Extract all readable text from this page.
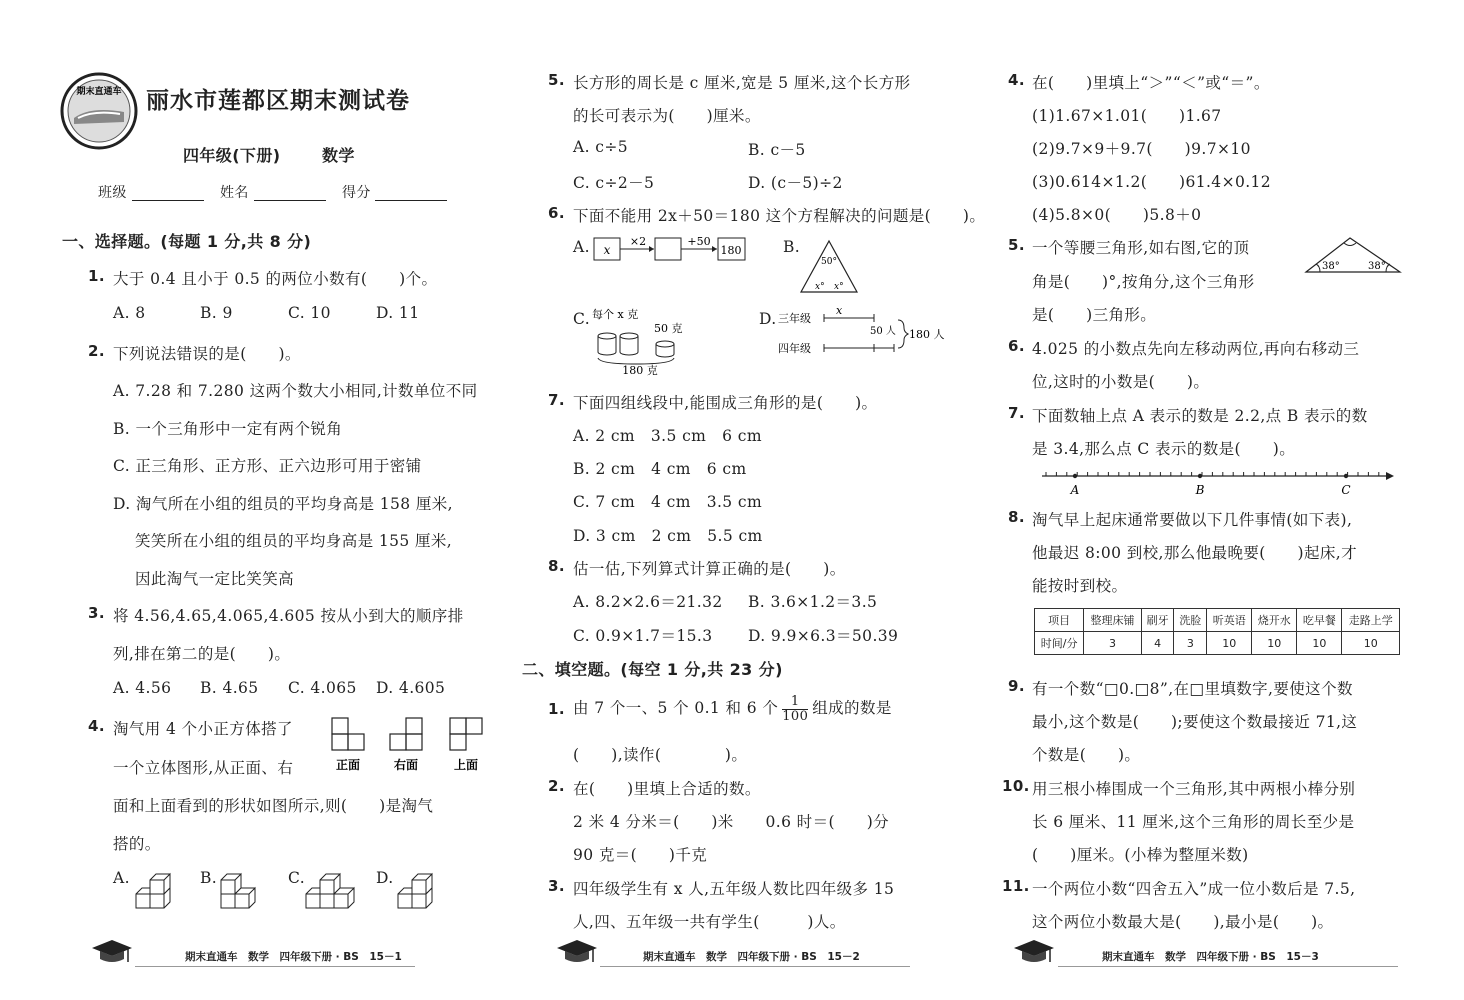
期末直通车 丽水市莲都区期末测试卷
四年级(下册)	数学
班级	姓名	得分
一、选择题。(每题 1 分,共 8 分)
1. 大于 0.4 且小于 0.5 的两位小数有(　　)个。
A. 8	B. 9	C. 10	D. 11
2. 下列说法错误的是(　　)。
A. 7.28 和 7.280 这两个数大小相同,计数单位不同
B. 一个三角形中一定有两个锐角
C. 正三角形、正方形、正六边形可用于密铺
D. 淘气所在小组的组员的平均身高是 158 厘米,
笑笑所在小组的组员的平均身高是 155 厘米,
因此淘气一定比笑笑高
3. 将 4.56,4.65,4.065,4.605 按从小到大的顺序排
列,排在第二的是(　　)。
A. 4.56 B. 4.65 C. 4.065 D. 4.605
4. 淘气用 4 个小正方体搭了
一个立体图形,从正面、右
面和上面看到的形状如图所示,则(　　)是淘气
搭的。
正面	右面	上面
A.	B.	C.	D.
期末直通车　数学　四年级下册 · BS　15－1
5. 长方形的周长是 c 厘米,宽是 5 厘米,这个长方形
的长可表示为(　　)厘米。
A. c÷5	B. c－5
C. c÷2－5	D. (c－5)÷2
6. 下面不能用 2x＋50＝180 这个方程解决的问题是(　　)。
A.	B.
C.	D.
x
×2	+50
180
50°
x° x°
每个 x 克
50 克
180 克
三年级
四年级
x
50 人 180 人
7. 下面四组线段中,能围成三角形的是(　　)。
A. 2 cm　3.5 cm　6 cm
B. 2 cm　4 cm　6 cm
C. 7 cm　4 cm　3.5 cm
D. 3 cm　2 cm　5.5 cm
8. 估一估,下列算式计算正确的是(　　)。
A. 8.2×2.6＝21.32 B. 3.6×1.2＝3.5
C. 0.9×1.7＝15.3 D. 9.9×6.3＝50.39
二、填空题。(每空 1 分,共 23 分)
1. 由 7 个一、5 个 0.1 和 6 个 $\frac{1}{100}$ 组成的数是
(　　),读作(　　　　)。
2. 在(　　)里填上合适的数。
2 米 4 分米＝(　　)米　　0.6 时＝(　　)分
90 克＝(　　)千克
3. 四年级学生有 x 人,五年级人数比四年级多 15
人,四、五年级一共有学生(　　　)人。
期末直通车　数学　四年级下册 · BS　15－2
4. 在(　　)里填上“＞”“＜”或“＝”。
(1)1.67×1.01(　　)1.67
(2)9.7×9＋9.7(　　)9.7×10
(3)0.614×1.2(　　)61.4×0.12
(4)5.8×0(　　)5.8＋0
5. 一个等腰三角形,如右图,它的顶
角是(　　)°,按角分,这个三角形
是(　　)三角形。
38°	38°
6. 4.025 的小数点先向左移动两位,再向右移动三
位,这时的小数是(　　)。
7. 下面数轴上点 A 表示的数是 2.2,点 B 表示的数
是 3.4,那么点 C 表示的数是(　　)。
A	B	C
8. 淘气早上起床通常要做以下几件事情(如下表),
他最迟 8:00 到校,那么他最晚要(　　)起床,才
能按时到校。
项目	整理床铺	刷牙	洗脸	听英语	烧开水	吃早餐	走路上学
时间/分	3	4	3	10	10	10	10
9. 有一个数“□0.□8”,在□里填数字,要使这个数
最小,这个数是(　　);要使这个数最接近 71,这
个数是(　　)。
10. 用三根小棒围成一个三角形,其中两根小棒分别
长 6 厘米、11 厘米,这个三角形的周长至少是
(　　)厘米。(小棒为整厘米数)
11. 一个两位小数“四舍五入”成一位小数后是 7.5,
这个两位小数最大是(　　),最小是(　　)。
期末直通车　数学　四年级下册 · BS　15－3
